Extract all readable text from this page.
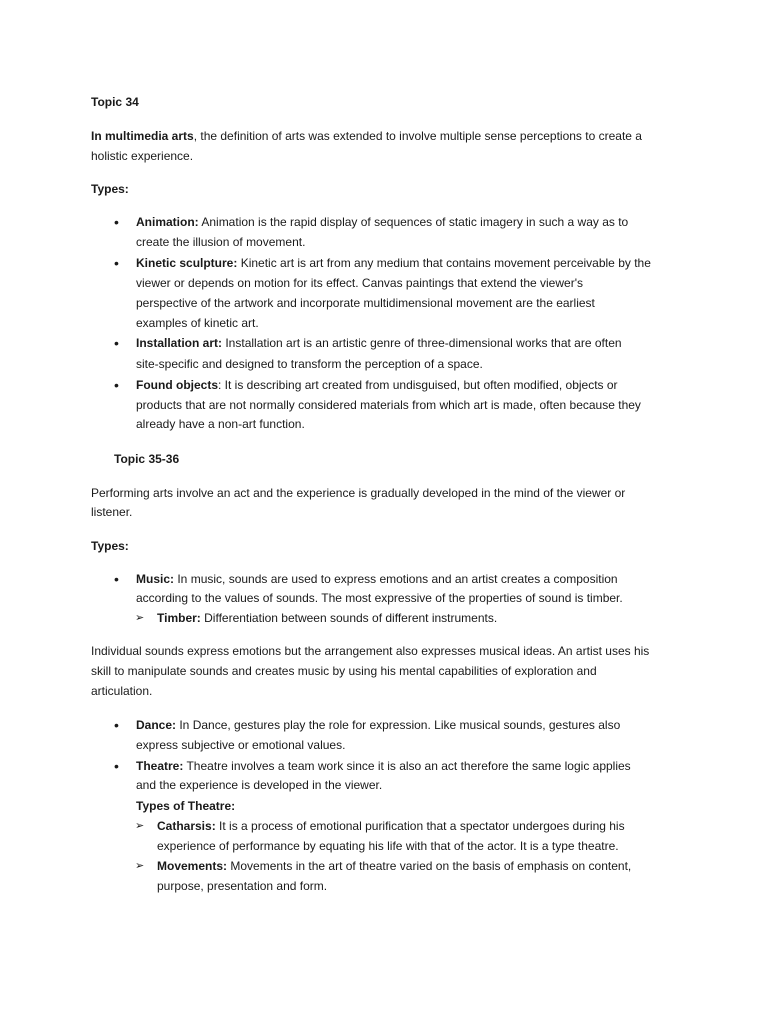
Topic 34
In multimedia arts, the definition of arts was extended to involve multiple sense perceptions to create a
holistic experience.
Types:
• Animation: Animation is the rapid display of sequences of static imagery in such a way as to
create the illusion of movement.
• Kinetic sculpture: Kinetic art is art from any medium that contains movement perceivable by the
viewer or depends on motion for its effect. Canvas paintings that extend the viewer's
perspective of the artwork and incorporate multidimensional movement are the earliest
examples of kinetic art.
• Installation art: Installation art is an artistic genre of three-dimensional works that are often
site-specific and designed to transform the perception of a space.
• Found objects: It is describing art created from undisguised, but often modified, objects or
products that are not normally considered materials from which art is made, often because they
already have a non-art function.
Topic 35-36
Performing arts involve an act and the experience is gradually developed in the mind of the viewer or
listener.
Types:
• Music: In music, sounds are used to express emotions and an artist creates a composition
according to the values of sounds. The most expressive of the properties of sound is timber.
➢ Timber: Differentiation between sounds of different instruments.
Individual sounds express emotions but the arrangement also expresses musical ideas. An artist uses his
skill to manipulate sounds and creates music by using his mental capabilities of exploration and
articulation.
• Dance: In Dance, gestures play the role for expression. Like musical sounds, gestures also
express subjective or emotional values.
• Theatre: Theatre involves a team work since it is also an act therefore the same logic applies
and the experience is developed in the viewer.
Types of Theatre:
➢ Catharsis: It is a process of emotional purification that a spectator undergoes during his
experience of performance by equating his life with that of the actor. It is a type theatre.
➢ Movements: Movements in the art of theatre varied on the basis of emphasis on content,
purpose, presentation and form.
